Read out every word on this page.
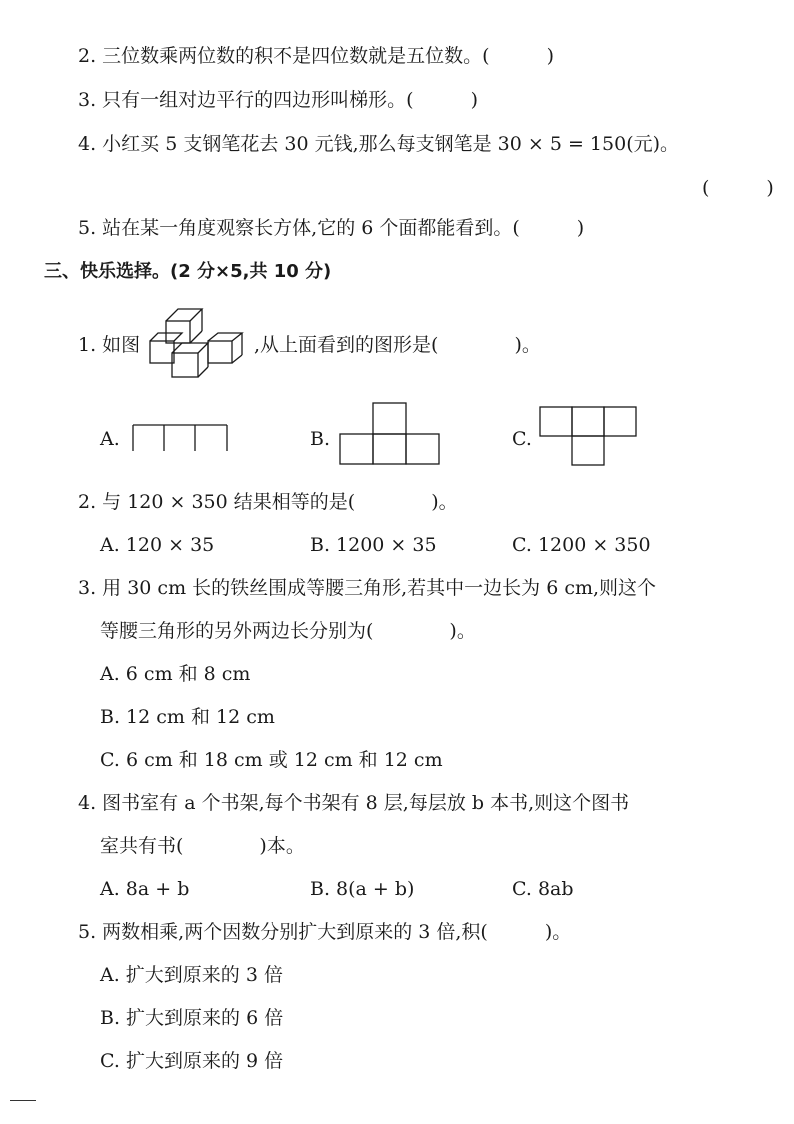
2. 三位数乘两位数的积不是四位数就是五位数。(　　　)
3. 只有一组对边平行的四边形叫梯形。(　　　)
4. 小红买 5 支钢笔花去 30 元钱,那么每支钢笔是 30 × 5 = 150(元)。
(　　　)
5. 站在某一角度观察长方体,它的 6 个面都能看到。(　　　)
三、快乐选择。(2 分×5,共 10 分)
1. 如图	,从上面看到的图形是(　　　　)。
A.	B.	C.
2. 与 120 × 350 结果相等的是(　　　　)。
A. 120 × 35	B. 1200 × 35	C. 1200 × 350
3. 用 30 cm 长的铁丝围成等腰三角形,若其中一边长为 6 cm,则这个
等腰三角形的另外两边长分别为(　　　　)。
A. 6 cm 和 8 cm
B. 12 cm 和 12 cm
C. 6 cm 和 18 cm 或 12 cm 和 12 cm
4. 图书室有 a 个书架,每个书架有 8 层,每层放 b 本书,则这个图书
室共有书(　　　　)本。
A. 8a + b	B. 8(a + b)	C. 8ab
5. 两数相乘,两个因数分别扩大到原来的 3 倍,积(　　　)。
A. 扩大到原来的 3 倍
B. 扩大到原来的 6 倍
C. 扩大到原来的 9 倍
